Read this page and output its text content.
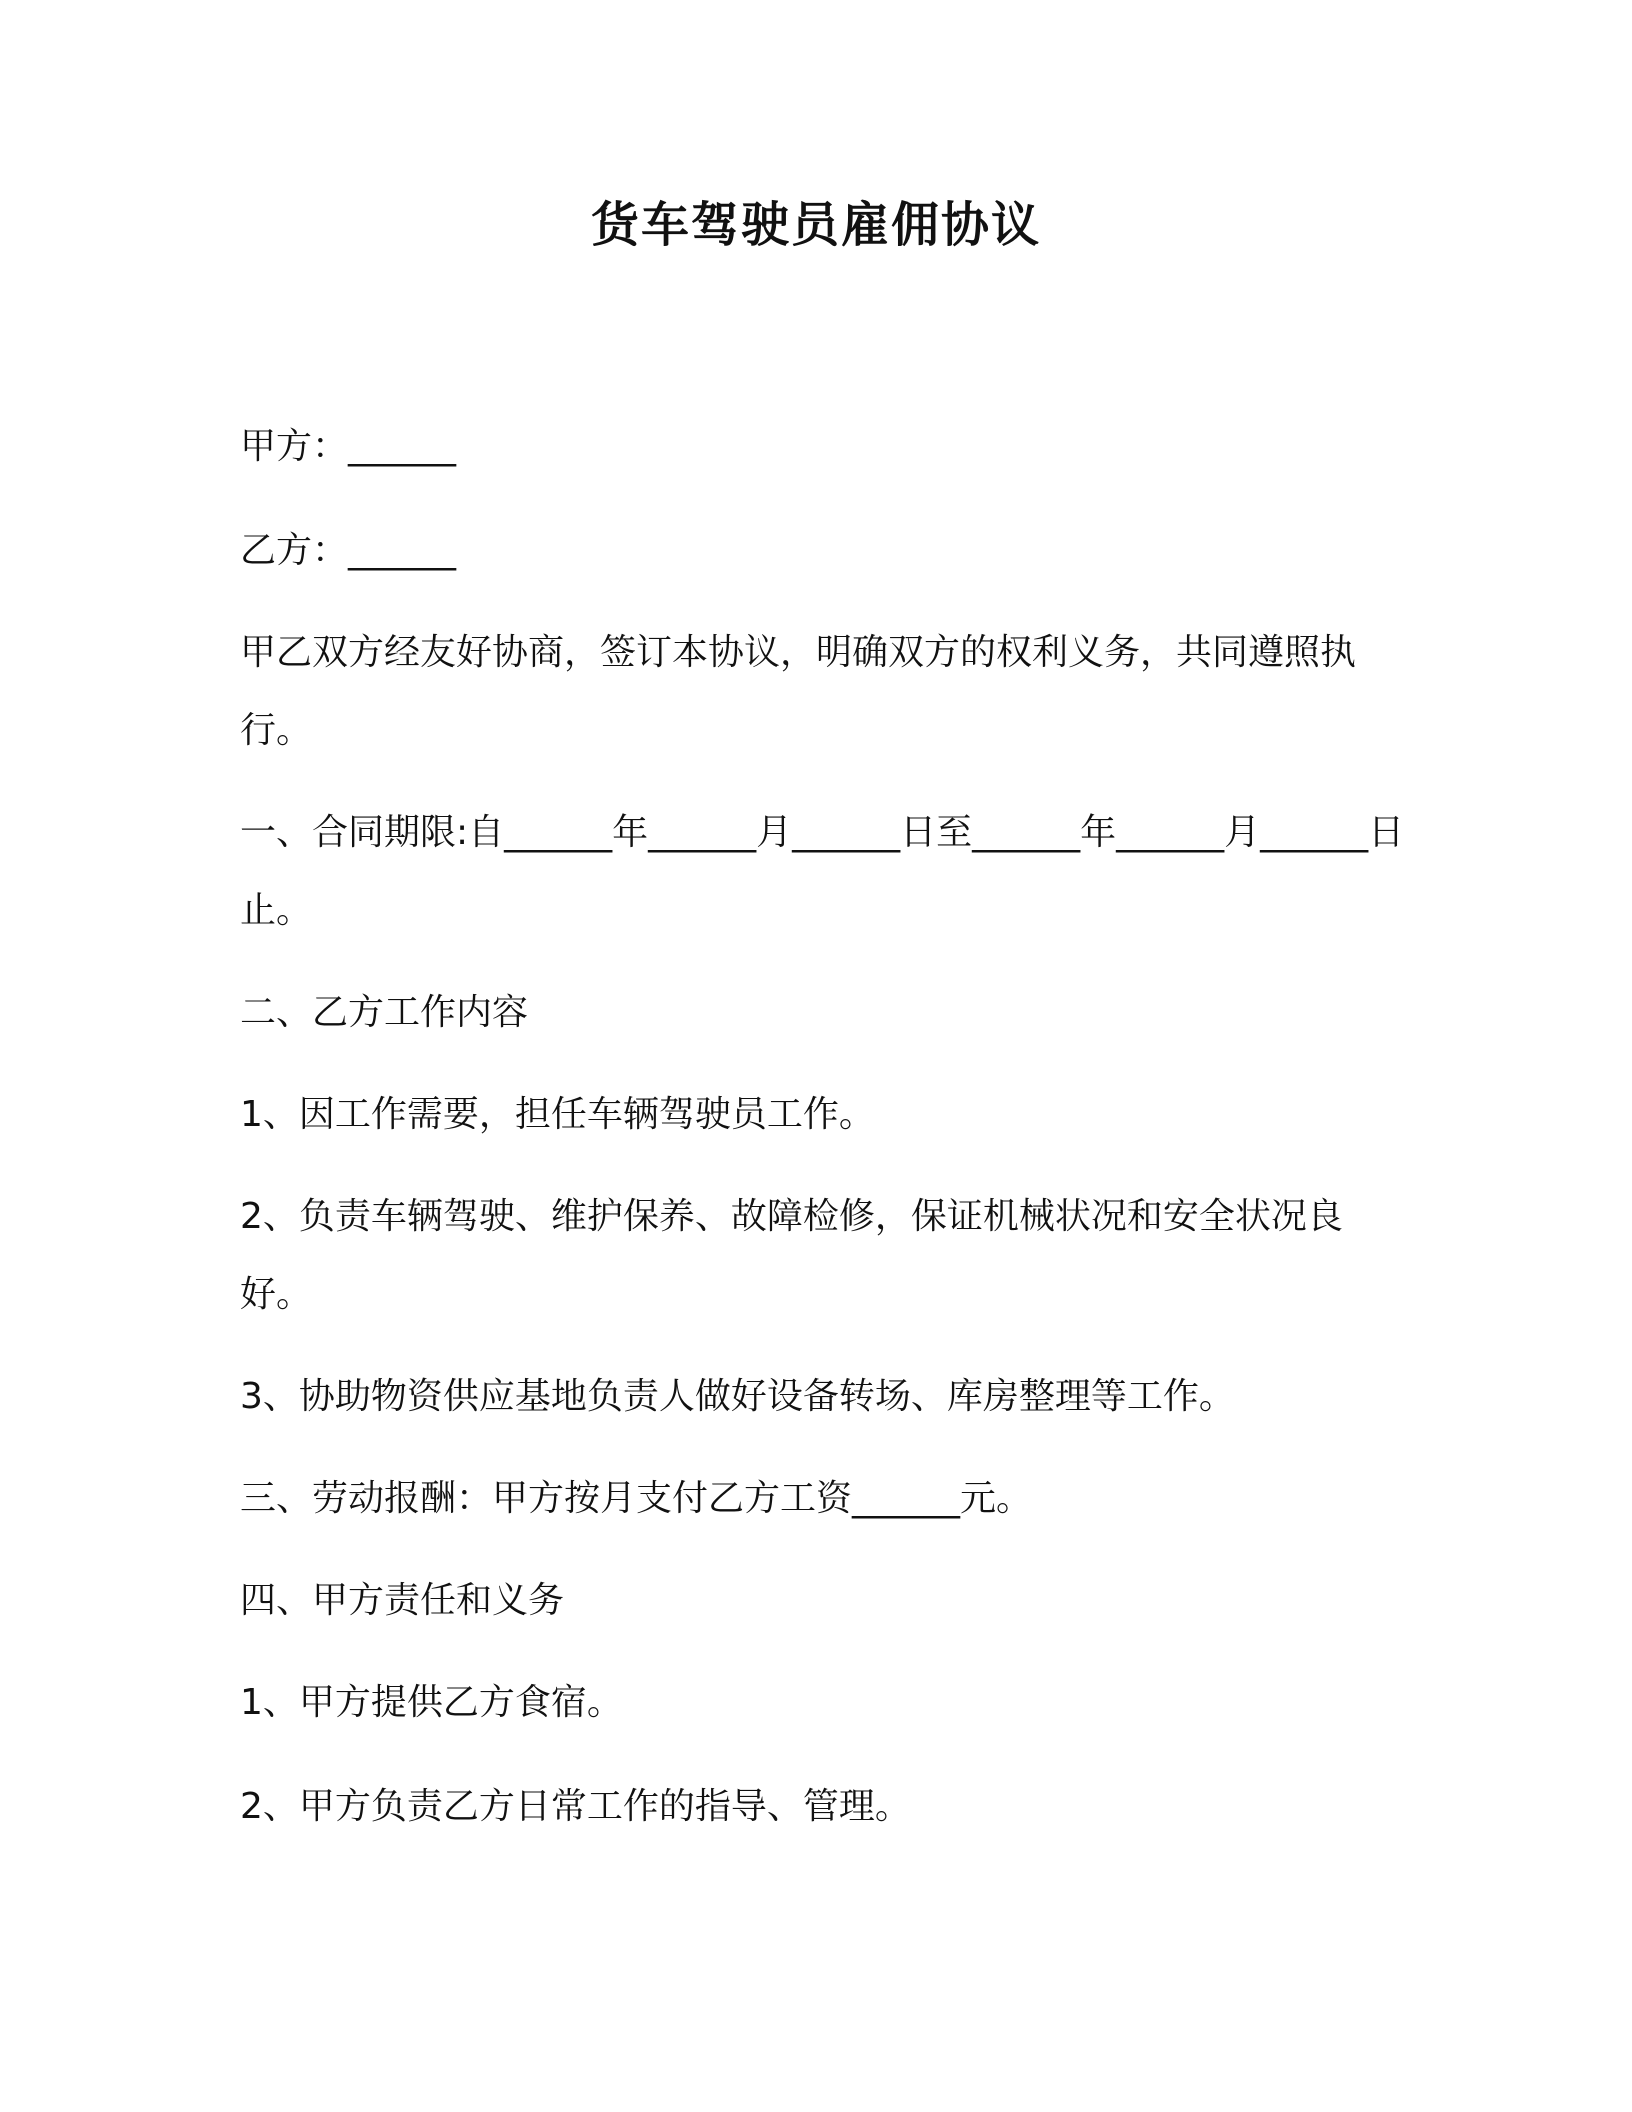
货车驾驶员雇佣协议

甲方：______

乙方：______

甲乙双方经友好协商，签订本协议，明确双方的权利义务，共同遵照执行。

一、合同期限:自______年______月______日至______年______月______日止。

二、乙方工作内容

1、因工作需要，担任车辆驾驶员工作。

2、负责车辆驾驶、维护保养、故障检修，保证机械状况和安全状况良好。

3、协助物资供应基地负责人做好设备转场、库房整理等工作。

三、劳动报酬：甲方按月支付乙方工资______元。

四、甲方责任和义务

1、甲方提供乙方食宿。

2、甲方负责乙方日常工作的指导、管理。
